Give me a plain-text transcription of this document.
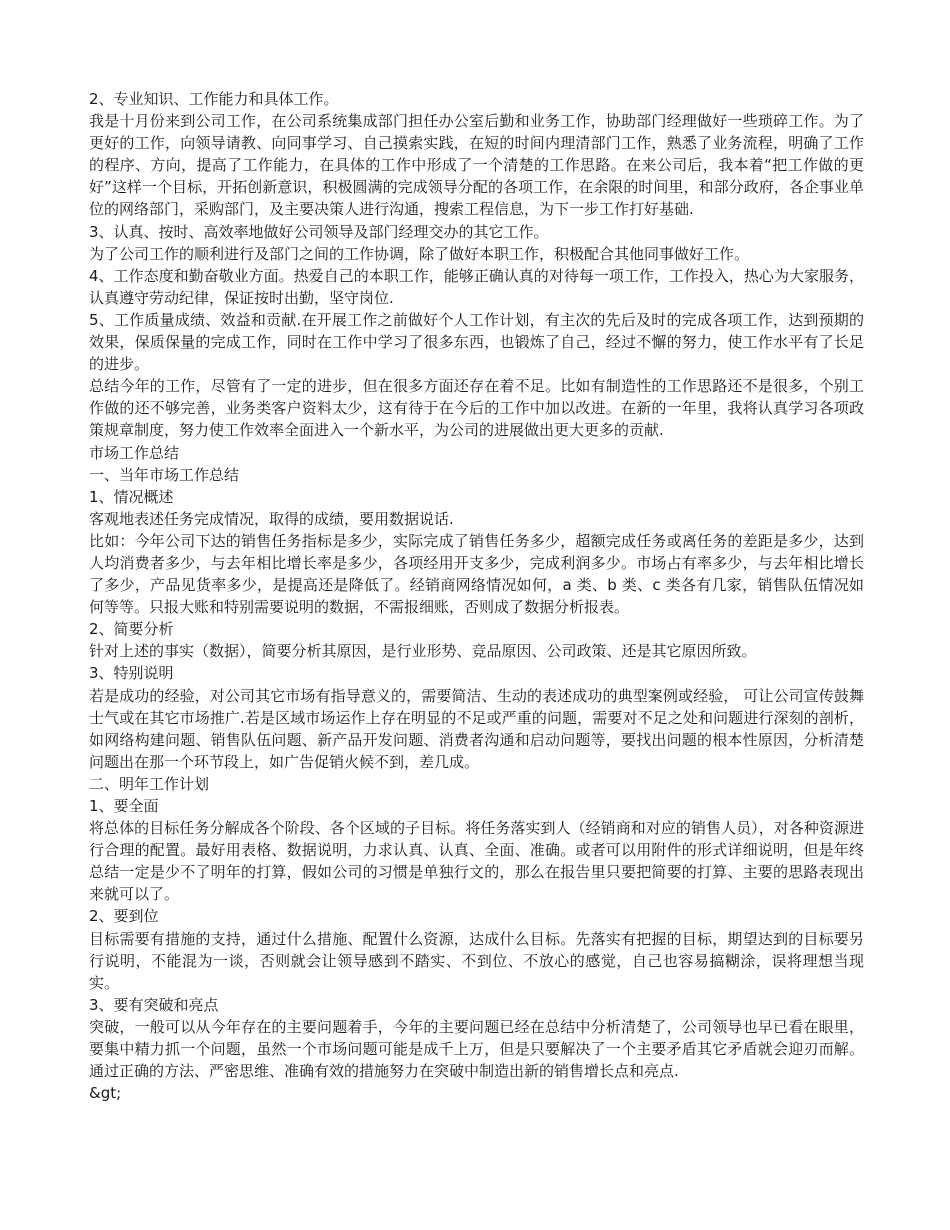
2、专业知识、工作能力和具体工作。

我是十月份来到公司工作，在公司系统集成部门担任办公室后勤和业务工作，协助部门经理做好一些琐碎工作。为了更好的工作，向领导请教、向同事学习、自己摸索实践，在短的时间内理清部门工作，熟悉了业务流程，明确了工作的程序、方向，提高了工作能力，在具体的工作中形成了一个清楚的工作思路。在来公司后，我本着“把工作做的更好”这样一个目标，开拓创新意识，积极圆满的完成领导分配的各项工作，在余限的时间里，和部分政府，各企事业单位的网络部门，采购部门，及主要决策人进行沟通，搜索工程信息，为下一步工作打好基础.

3、认真、按时、高效率地做好公司领导及部门经理交办的其它工作。

为了公司工作的顺利进行及部门之间的工作协调，除了做好本职工作，积极配合其他同事做好工作。

4、工作态度和勤奋敬业方面。热爱自己的本职工作，能够正确认真的对待每一项工作，工作投入，热心为大家服务，认真遵守劳动纪律，保证按时出勤，坚守岗位.

5、工作质量成绩、效益和贡献.在开展工作之前做好个人工作计划，有主次的先后及时的完成各项工作，达到预期的效果，保质保量的完成工作，同时在工作中学习了很多东西，也锻炼了自己，经过不懈的努力，使工作水平有了长足的进步。

总结今年的工作，尽管有了一定的进步，但在很多方面还存在着不足。比如有制造性的工作思路还不是很多，个别工作做的还不够完善，业务类客户资料太少，这有待于在今后的工作中加以改进。在新的一年里，我将认真学习各项政策规章制度，努力使工作效率全面进入一个新水平，为公司的进展做出更大更多的贡献.

市场工作总结

一、当年市场工作总结

1、情况概述

客观地表述任务完成情况，取得的成绩，要用数据说话.

比如：今年公司下达的销售任务指标是多少，实际完成了销售任务多少，超额完成任务或离任务的差距是多少，达到人均消费者多少，与去年相比增长率是多少，各项经用开支多少，完成利润多少。市场占有率多少，与去年相比增长了多少，产品见货率多少，是提高还是降低了。经销商网络情况如何，a 类、b 类、c 类各有几家，销售队伍情况如何等等。只报大账和特别需要说明的数据，不需报细账，否则成了数据分析报表。

2、简要分析

针对上述的事实（数据），简要分析其原因，是行业形势、竞品原因、公司政策、还是其它原因所致。

3、特别说明

若是成功的经验，对公司其它市场有指导意义的，需要简洁、生动的表述成功的典型案例或经验， 可让公司宣传鼓舞士气或在其它市场推广.若是区域市场运作上存在明显的不足或严重的问题，需要对不足之处和问题进行深刻的剖析，如网络构建问题、销售队伍问题、新产品开发问题、消费者沟通和启动问题等，要找出问题的根本性原因，分析清楚问题出在那一个环节段上，如广告促销火候不到，差几成。

二、明年工作计划

1、要全面

将总体的目标任务分解成各个阶段、各个区域的子目标。将任务落实到人（经销商和对应的销售人员），对各种资源进行合理的配置。最好用表格、数据说明，力求认真、认真、全面、准确。或者可以用附件的形式详细说明，但是年终总结一定是少不了明年的打算，假如公司的习惯是单独行文的，那么在报告里只要把简要的打算、主要的思路表现出来就可以了。

2、要到位

目标需要有措施的支持，通过什么措施、配置什么资源，达成什么目标。先落实有把握的目标，期望达到的目标要另行说明，不能混为一谈，否则就会让领导感到不踏实、不到位、不放心的感觉，自己也容易搞糊涂，误将理想当现实。

3、要有突破和亮点

突破，一般可以从今年存在的主要问题着手，今年的主要问题已经在总结中分析清楚了，公司领导也早已看在眼里，要集中精力抓一个问题，虽然一个市场问题可能是成千上万，但是只要解决了一个主要矛盾其它矛盾就会迎刃而解。通过正确的方法、严密思维、准确有效的措施努力在突破中制造出新的销售增长点和亮点.

&gt;
